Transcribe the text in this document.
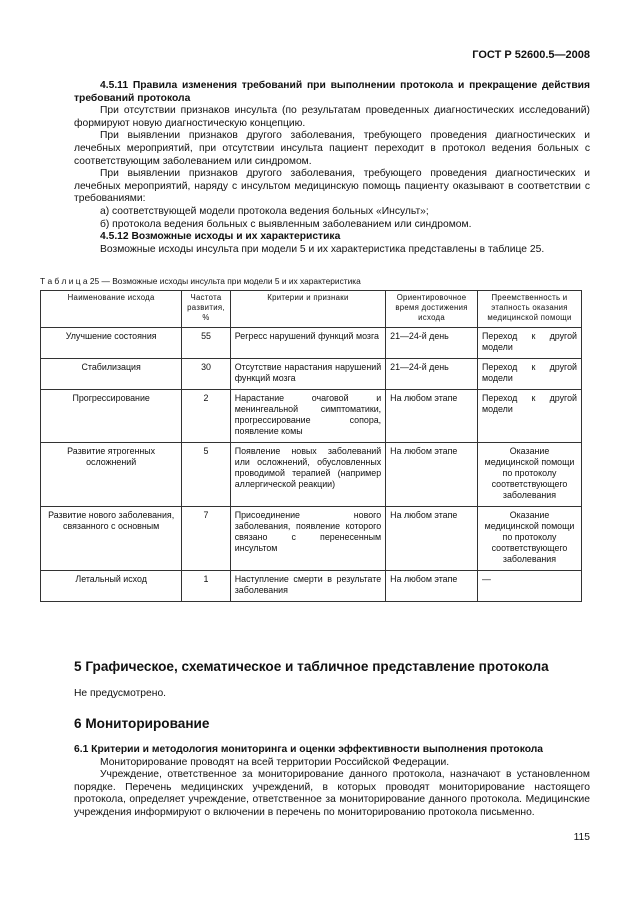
ГОСТ Р 52600.5—2008

4.5.11 Правила изменения требований при выполнении протокола и прекращение действия требований протокола

При отсутствии признаков инсульта (по результатам проведенных диагностических исследований) формируют новую диагностическую концепцию.

При выявлении признаков другого заболевания, требующего проведения диагностических и лечебных мероприятий, при отсутствии инсульта пациент переходит в протокол ведения больных с соответствующим заболеванием или синдромом.

При выявлении признаков другого заболевания, требующего проведения диагностических и лечебных мероприятий, наряду с инсультом медицинскую помощь пациенту оказывают в соответствии с требованиями:

а) соответствующей модели протокола ведения больных «Инсульт»;

б) протокола ведения больных с выявленным заболеванием или синдромом.

4.5.12 Возможные исходы и их характеристика

Возможные исходы инсульта при модели 5 и их характеристика представлены в таблице 25.

Т а б л и ц а 25 — Возможные исходы инсульта при модели 5 и их характеристика
Наименование исхода	Частота развития, %	Критерии и признаки	Ориентировочное время достижения исхода	Преемственность и этапность оказания медицинской помощи
Улучшение состояния	55	Регресс нарушений функций мозга	21—24-й день	Переход к другой модели
Стабилизация	30	Отсутствие нарастания нарушений функций мозга	21—24-й день	Переход к другой модели
Прогрессирование	2	Нарастание очаговой и менингеальной симптоматики, прогрессирование сопора, появление комы	На любом этапе	Переход к другой модели
Развитие ятрогенных осложнений	5	Появление новых заболеваний или осложнений, обусловленных проводимой терапией (например аллергической реакции)	На любом этапе	Оказание медицинской помощи по протоколу соответствующего заболевания
Развитие нового заболевания, связанного с основным	7	Присоединение нового заболевания, появление которого связано с перенесенным инсультом	На любом этапе	Оказание медицинской помощи по протоколу соответствующего заболевания
Летальный исход	1	Наступление смерти в результате заболевания	На любом этапе	—
5 Графическое, схематическое и табличное представление протокола
Не предусмотрено.
6 Мониторирование

6.1 Критерии и методология мониторинга и оценки эффективности выполнения протокола

Мониторирование проводят на всей территории Российской Федерации.

Учреждение, ответственное за мониторирование данного протокола, назначают в установленном порядке. Перечень медицинских учреждений, в которых проводят мониторирование настоящего протокола, определяет учреждение, ответственное за мониторирование данного протокола. Медицинские учреждения информируют о включении в перечень по мониторированию протокола письменно.

115
